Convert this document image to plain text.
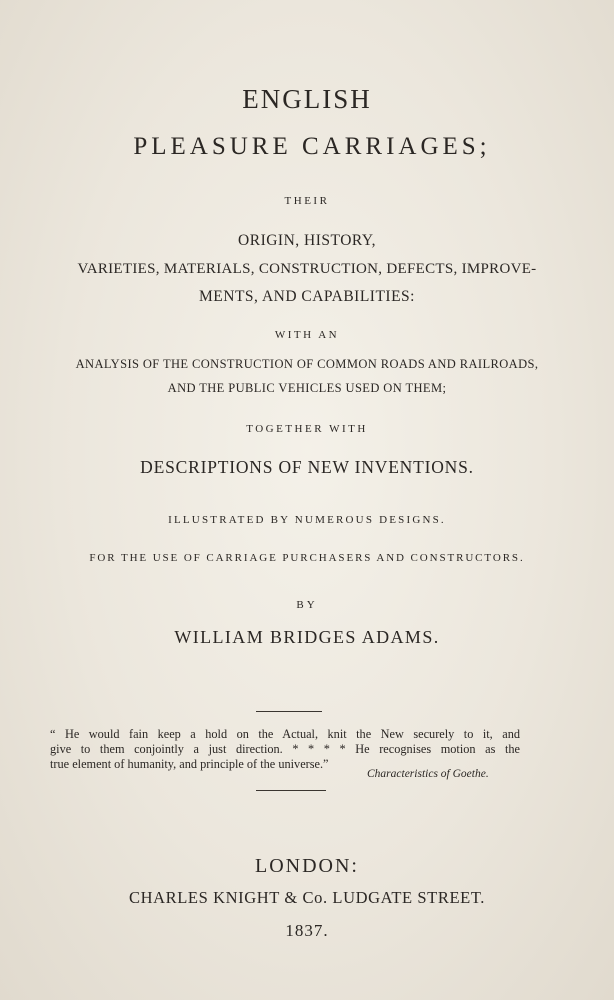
ENGLISH
PLEASURE CARRIAGES;
THEIR
ORIGIN, HISTORY,
VARIETIES, MATERIALS, CONSTRUCTION, DEFECTS, IMPROVE-
MENTS, AND CAPABILITIES:
WITH AN
ANALYSIS OF THE CONSTRUCTION OF COMMON ROADS AND RAILROADS,
AND THE PUBLIC VEHICLES USED ON THEM;
TOGETHER WITH
DESCRIPTIONS OF NEW INVENTIONS.
ILLUSTRATED BY NUMEROUS DESIGNS.
FOR THE USE OF CARRIAGE PURCHASERS AND CONSTRUCTORS.
BY
WILLIAM BRIDGES ADAMS.
“ He would fain keep a hold on the Actual, knit the New securely to it, and
give to them conjointly a just direction. * * * * He recognises motion as the
true element of humanity, and principle of the universe.”
Characteristics of Goethe.
LONDON:
CHARLES KNIGHT & Co. LUDGATE STREET.
1837.
